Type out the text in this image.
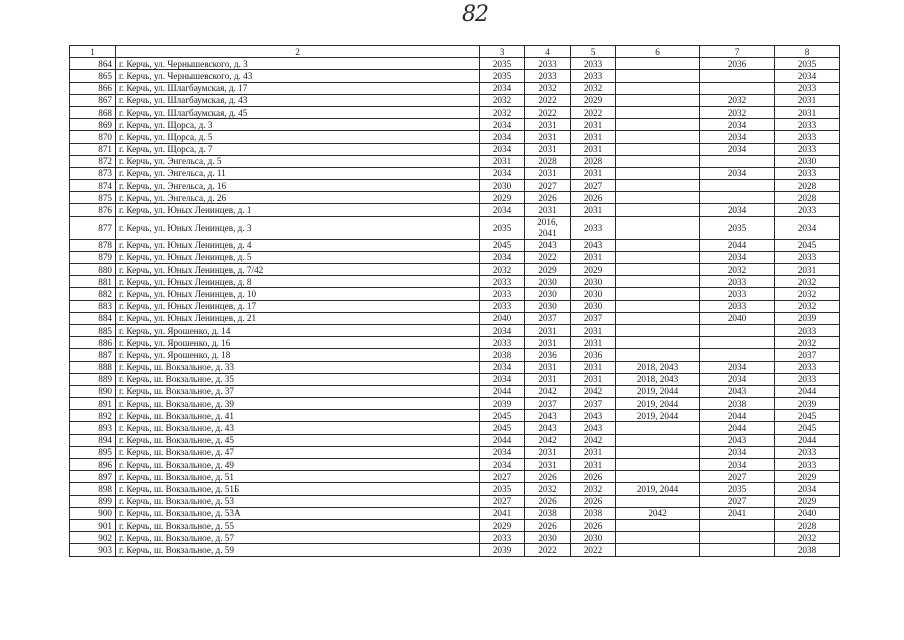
82
1	2	3	4	5	6	7	8
864	г. Керчь, ул. Чернышевского, д. 3	2035	2033	2033		2036	2035
865	г. Керчь, ул. Чернышевского, д. 43	2035	2033	2033			2034
866	г. Керчь, ул. Шлагбаумская, д. 17	2034	2032	2032			2033
867	г. Керчь, ул. Шлагбаумская, д. 43	2032	2022	2029		2032	2031
868	г. Керчь, ул. Шлагбаумская, д. 45	2032	2022	2022		2032	2031
869	г. Керчь, ул. Щорса, д. 3	2034	2031	2031		2034	2033
870	г. Керчь, ул. Щорса, д. 5	2034	2031	2031		2034	2033
871	г. Керчь, ул. Щорса, д. 7	2034	2031	2031		2034	2033
872	г. Керчь, ул. Энгельса, д. 5	2031	2028	2028			2030
873	г. Керчь, ул. Энгельса, д. 11	2034	2031	2031		2034	2033
874	г. Керчь, ул. Энгельса, д. 16	2030	2027	2027			2028
875	г. Керчь, ул. Энгельса, д. 26	2029	2026	2026			2028
876	г. Керчь, ул. Юных Ленинцев, д. 1	2034	2031	2031		2034	2033
877	г. Керчь, ул. Юных Ленинцев, д. 3	2035	2016, 2041	2033		2035	2034
878	г. Керчь, ул. Юных Ленинцев, д. 4	2045	2043	2043		2044	2045
879	г. Керчь, ул. Юных Ленинцев, д. 5	2034	2022	2031		2034	2033
880	г. Керчь, ул. Юных Ленинцев, д. 7/42	2032	2029	2029		2032	2031
881	г. Керчь, ул. Юных Ленинцев, д. 8	2033	2030	2030		2033	2032
882	г. Керчь, ул. Юных Ленинцев, д. 10	2033	2030	2030		2033	2032
883	г. Керчь, ул. Юных Ленинцев, д. 17	2033	2030	2030		2033	2032
884	г. Керчь, ул. Юных Ленинцев, д. 21	2040	2037	2037		2040	2039
885	г. Керчь, ул. Ярошенко, д. 14	2034	2031	2031			2033
886	г. Керчь, ул. Ярошенко, д. 16	2033	2031	2031			2032
887	г. Керчь, ул. Ярошенко, д. 18	2038	2036	2036			2037
888	г. Керчь, ш. Вокзальное, д. 33	2034	2031	2031	2018, 2043	2034	2033
889	г. Керчь, ш. Вокзальное, д. 35	2034	2031	2031	2018, 2043	2034	2033
890	г. Керчь, ш. Вокзальное, д. 37	2044	2042	2042	2019, 2044	2043	2044
891	г. Керчь, ш. Вокзальное, д. 39	2039	2037	2037	2019, 2044	2038	2039
892	г. Керчь, ш. Вокзальное, д. 41	2045	2043	2043	2019, 2044	2044	2045
893	г. Керчь, ш. Вокзальное, д. 43	2045	2043	2043		2044	2045
894	г. Керчь, ш. Вокзальное, д. 45	2044	2042	2042		2043	2044
895	г. Керчь, ш. Вокзальное, д. 47	2034	2031	2031		2034	2033
896	г. Керчь, ш. Вокзальное, д. 49	2034	2031	2031		2034	2033
897	г. Керчь, ш. Вокзальное, д. 51	2027	2026	2026		2027	2029
898	г. Керчь, ш. Вокзальное, д. 51Б	2035	2032	2032	2019, 2044	2035	2034
899	г. Керчь, ш. Вокзальное, д. 53	2027	2026	2026		2027	2029
900	г. Керчь, ш. Вокзальное, д. 53А	2041	2038	2038	2042	2041	2040
901	г. Керчь, ш. Вокзальное, д. 55	2029	2026	2026			2028
902	г. Керчь, ш. Вокзальное, д. 57	2033	2030	2030			2032
903	г. Керчь, ш. Вокзальное, д. 59	2039	2022	2022			2038
